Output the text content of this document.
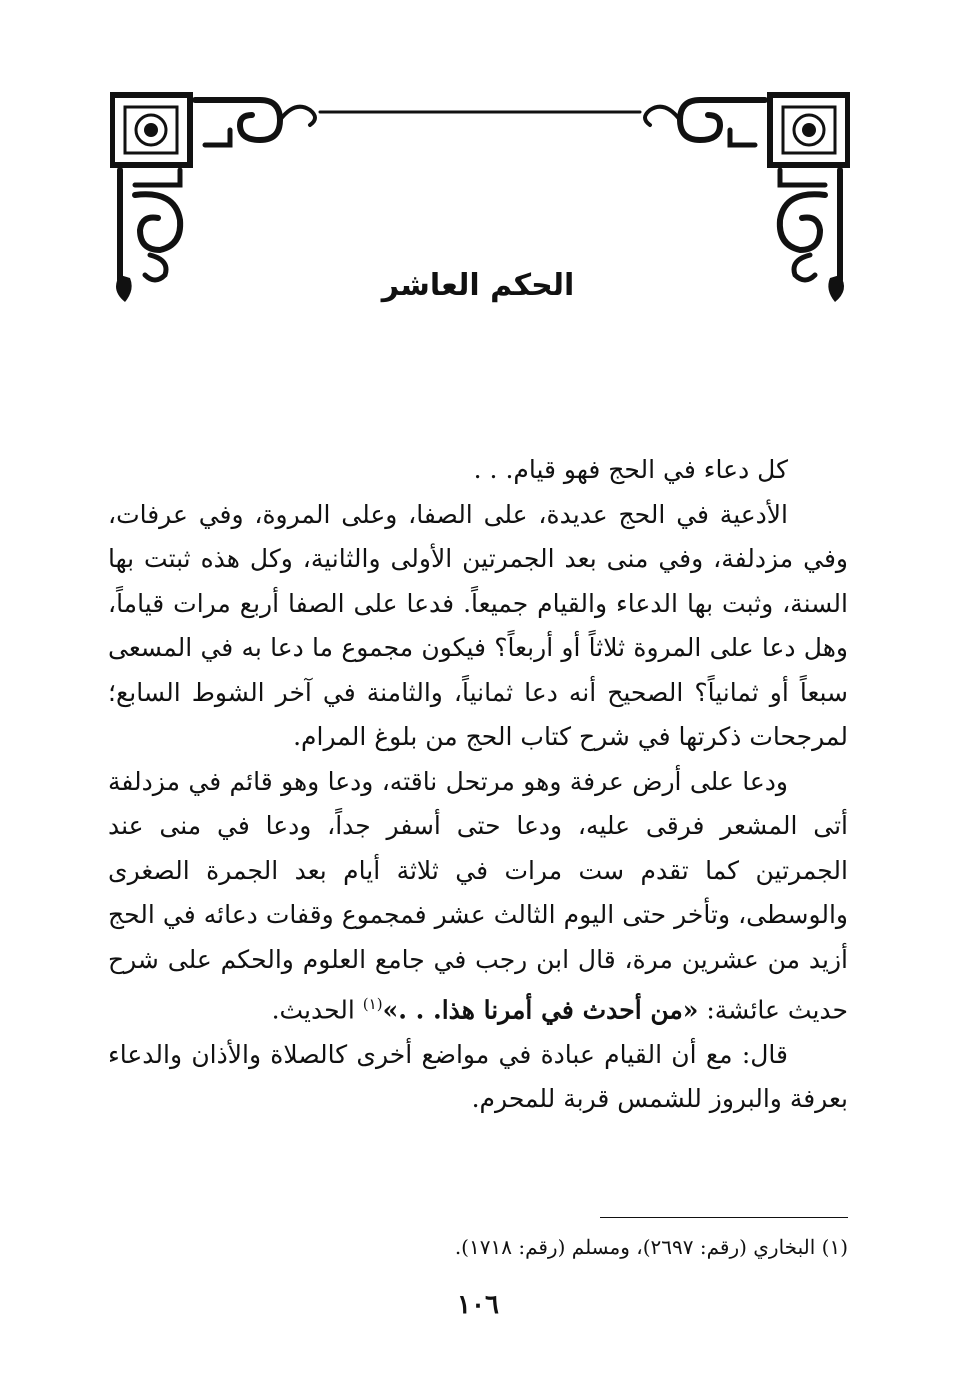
الحكم العاشر

كل دعاء في الحج فهو قيام. . .

الأدعية في الحج عديدة، على الصفا، وعلى المروة، وفي عرفات، وفي مزدلفة، وفي منى بعد الجمرتين الأولى والثانية، وكل هذه ثبتت بها السنة، وثبت بها الدعاء والقيام جميعاً. فدعا على الصفا أربع مرات قياماً، وهل دعا على المروة ثلاثاً أو أربعاً؟ فيكون مجموع ما دعا به في المسعى سبعاً أو ثمانياً؟ الصحيح أنه دعا ثمانياً، والثامنة في آخر الشوط السابع؛ لمرجحات ذكرتها في شرح كتاب الحج من بلوغ المرام.

ودعا على أرض عرفة وهو مرتحل ناقته، ودعا وهو قائم في مزدلفة أتى المشعر فرقى عليه، ودعا حتى أسفر جداً، ودعا في منى عند الجمرتين كما تقدم ست مرات في ثلاثة أيام بعد الجمرة الصغرى والوسطى، وتأخر حتى اليوم الثالث عشر فمجموع وقفات دعائه في الحج أزيد من عشرين مرة، قال ابن رجب في جامع العلوم والحكم على شرح حديث عائشة: «من أحدث في أمرنا هذا. . .»$^{(١)}$ الحديث.

قال: مع أن القيام عبادة في مواضع أخرى كالصلاة والأذان والدعاء بعرفة والبروز للشمس قربة للمحرم.

(١) البخاري (رقم: ٢٦٩٧)، ومسلم (رقم: ١٧١٨).
١٠٦
